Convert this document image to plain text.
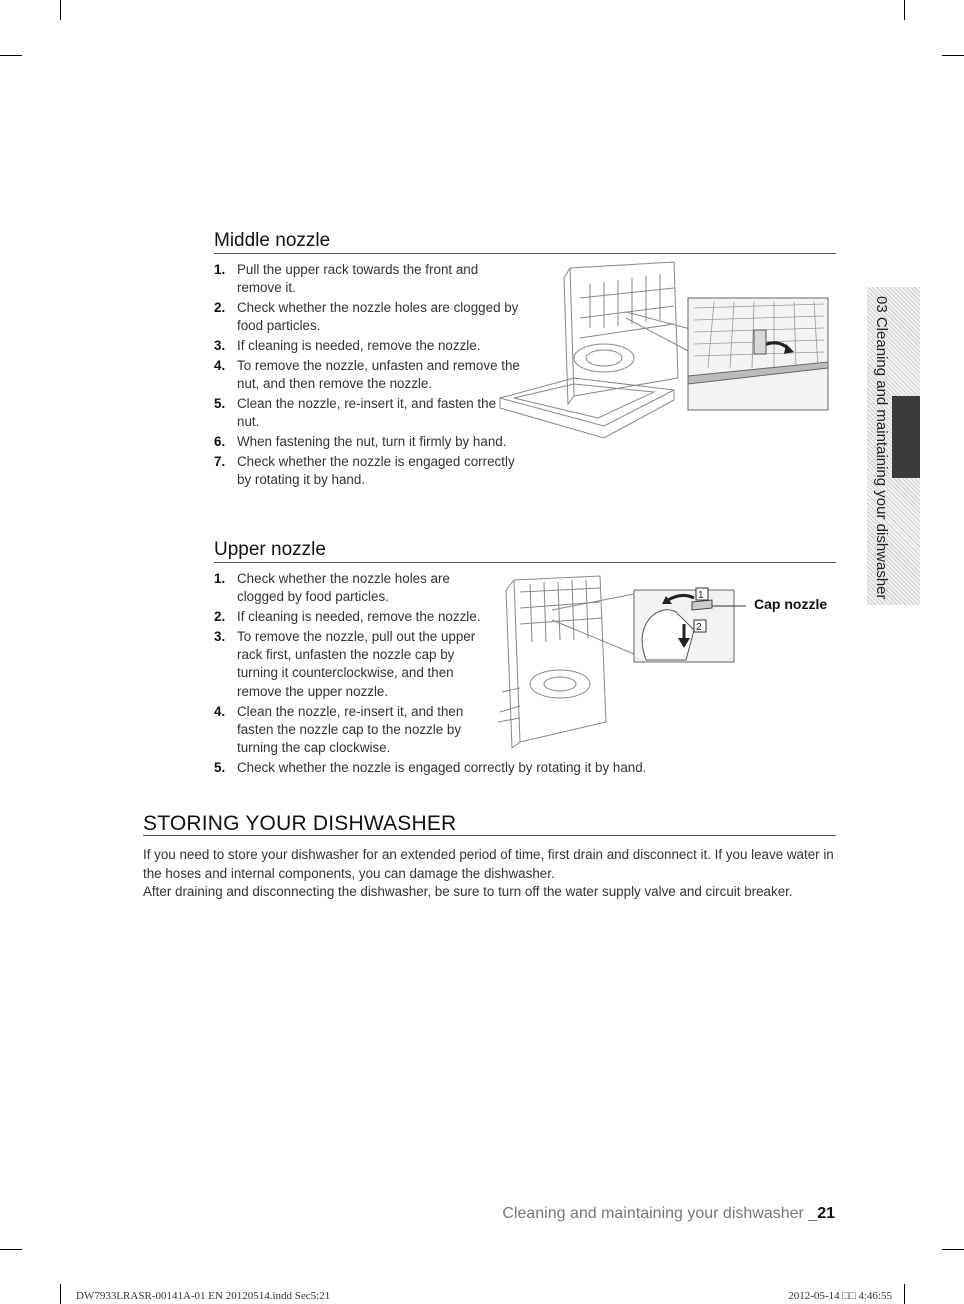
Middle nozzle
1. Pull the upper rack towards the front and remove it.
2. Check whether the nozzle holes are clogged by food particles.
3. If cleaning is needed, remove the nozzle.
4. To remove the nozzle, unfasten and remove the nut, and then remove the nozzle.
5. Clean the nozzle, re-insert it, and fasten the nut.
6. When fastening the nut, turn it firmly by hand.
7. Check whether the nozzle is engaged correctly by rotating it by hand.
Upper nozzle
1. Check whether the nozzle holes are clogged by food particles.
2. If cleaning is needed, remove the nozzle.
3. To remove the nozzle, pull out the upper rack first, unfasten the nozzle cap by turning it counterclockwise, and then remove the upper nozzle.
4. Clean the nozzle, re-insert it, and then fasten the nozzle cap to the nozzle by turning the cap clockwise.
5. Check whether the nozzle is engaged correctly by rotating it by hand.
1
2
Cap nozzle
STORING YOUR DISHWASHER

If you need to store your dishwasher for an extended period of time, first drain and disconnect it. If you leave water in the hoses and internal components, you can damage the dishwasher.

After draining and disconnecting the dishwasher, be sure to turn off the water supply valve and circuit breaker.

03 Cleaning and maintaining your dishwasher
Cleaning and maintaining your dishwasher _21
DW7933LRASR-00141A-01 EN 20120514.indd Sec5:21	2012-05-14 □□ 4:46:55
